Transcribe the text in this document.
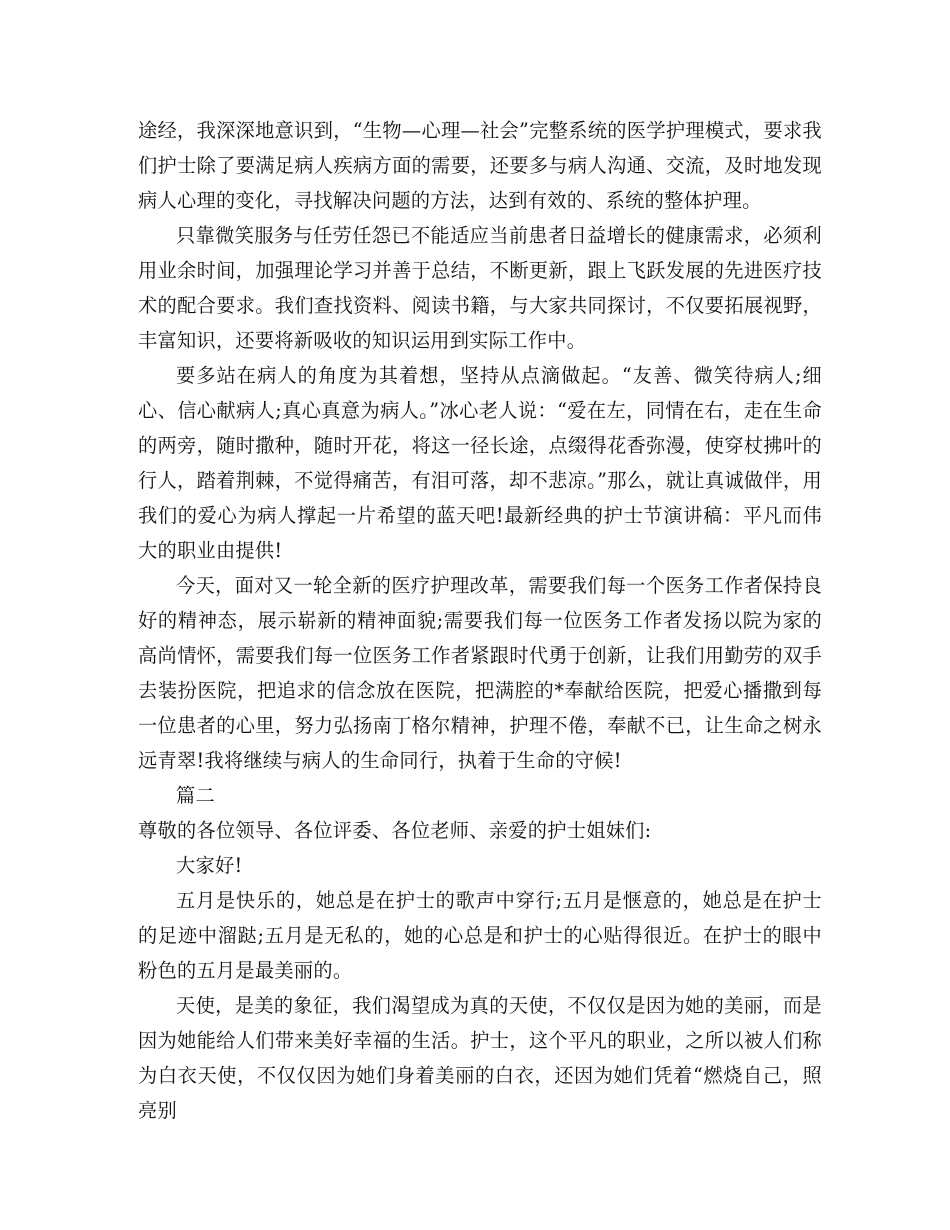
途经，我深深地意识到，“生物—心理—社会”完整系统的医学护理模式，要求我们护士除了要满足病人疾病方面的需要，还要多与病人沟通、交流，及时地发现病人心理的变化，寻找解决问题的方法，达到有效的、系统的整体护理。

只靠微笑服务与任劳任怨已不能适应当前患者日益增长的健康需求，必须利用业余时间，加强理论学习并善于总结，不断更新，跟上飞跃发展的先进医疗技术的配合要求。我们查找资料、阅读书籍，与大家共同探讨，不仅要拓展视野，丰富知识，还要将新吸收的知识运用到实际工作中。

要多站在病人的角度为其着想，坚持从点滴做起。“友善、微笑待病人;细心、信心献病人;真心真意为病人。”冰心老人说：“爱在左，同情在右，走在生命的两旁，随时撒种，随时开花，将这一径长途，点缀得花香弥漫，使穿杖拂叶的行人，踏着荆棘，不觉得痛苦，有泪可落，却不悲凉。”那么，就让真诚做伴，用我们的爱心为病人撑起一片希望的蓝天吧!最新经典的护士节演讲稿：平凡而伟大的职业由提供!

今天，面对又一轮全新的医疗护理改革，需要我们每一个医务工作者保持良好的精神态，展示崭新的精神面貌;需要我们每一位医务工作者发扬以院为家的高尚情怀，需要我们每一位医务工作者紧跟时代勇于创新，让我们用勤劳的双手去装扮医院，把追求的信念放在医院，把满腔的*奉献给医院，把爱心播撒到每一位患者的心里，努力弘扬南丁格尔精神，护理不倦，奉献不已，让生命之树永远青翠!我将继续与病人的生命同行，执着于生命的守候!

篇二

尊敬的各位领导、各位评委、各位老师、亲爱的护士姐妹们:

大家好!

五月是快乐的，她总是在护士的歌声中穿行;五月是惬意的，她总是在护士的足迹中溜跶;五月是无私的，她的心总是和护士的心贴得很近。在护士的眼中粉色的五月是最美丽的。

天使，是美的象征，我们渴望成为真的天使，不仅仅是因为她的美丽，而是因为她能给人们带来美好幸福的生活。护士，这个平凡的职业，之所以被人们称为白衣天使，不仅仅因为她们身着美丽的白衣，还因为她们凭着“燃烧自己，照亮别
